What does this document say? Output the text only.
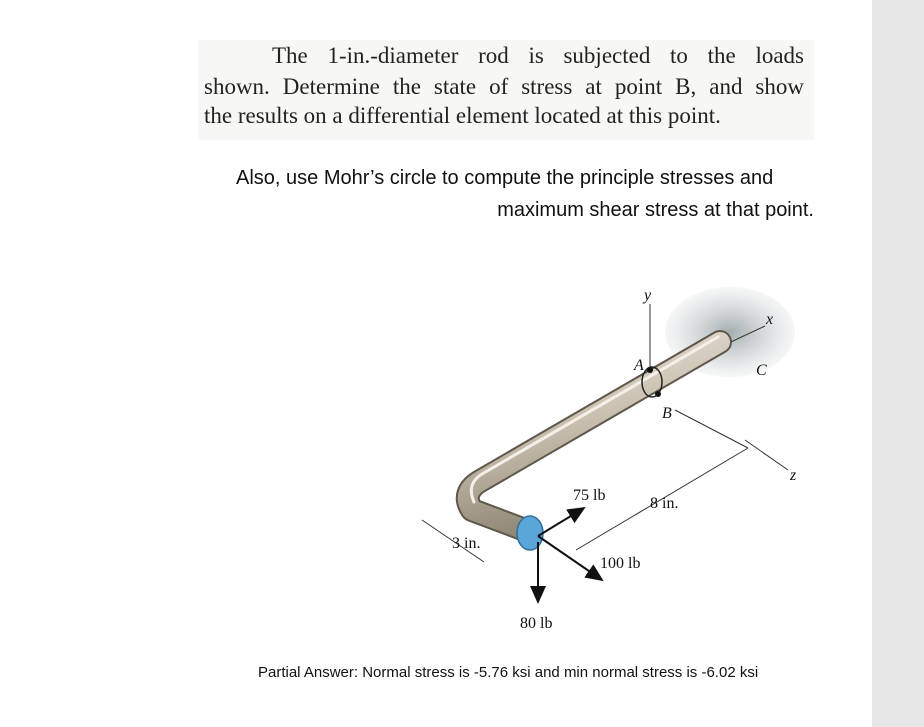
The 1-in.-diameter rod is subjected to the loads
shown. Determine the state of stress at point B, and show
the results on a differential element located at this point.
Also, use Mohr’s circle to compute the principle stresses and
maximum shear stress at that point.
y
x
z
A
B
C
8 in.
3 in.
75 lb
100 lb
80 lb
Partial Answer: Normal stress is -5.76 ksi and min normal stress is -6.02 ksi
